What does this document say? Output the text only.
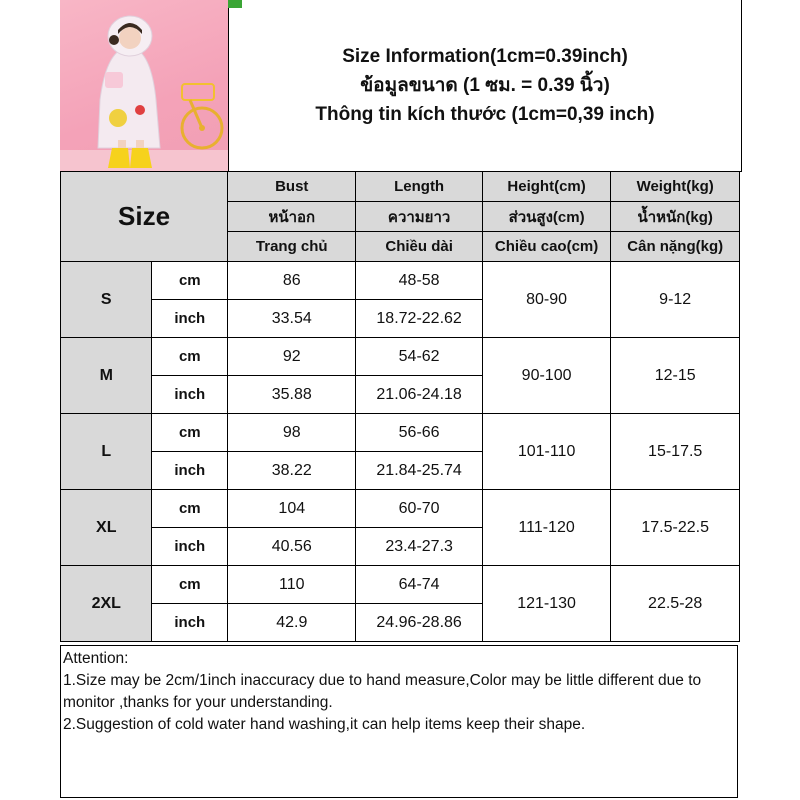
Size Information(1cm=0.39inch)
ข้อมูลขนาด (1 ซม. = 0.39 นิ้ว)
Thông tin kích thước (1cm=0,39 inch)
Size		Bust	Length	Height(cm)	Weight(kg)
		หน้าอก	ความยาว	ส่วนสูง(cm)	น้ำหนัก(kg)
		Trang chủ	Chiều dài	Chiều cao(cm)	Cân nặng(kg)
S	cm	86	48-58	80-90	9-12
	inch	33.54	18.72-22.62		
M	cm	92	54-62	90-100	12-15
	inch	35.88	21.06-24.18		
L	cm	98	56-66	101-110	15-17.5
	inch	38.22	21.84-25.74		
XL	cm	104	60-70	111-120	17.5-22.5
	inch	40.56	23.4-27.3		
2XL	cm	110	64-74	121-130	22.5-28
	inch	42.9	24.96-28.86		
Attention:
1.Size may be 2cm/1inch inaccuracy due to hand measure,Color may be little different due to monitor ,thanks for your understanding.
2.Suggestion of cold water hand washing,it can help items keep their shape.
